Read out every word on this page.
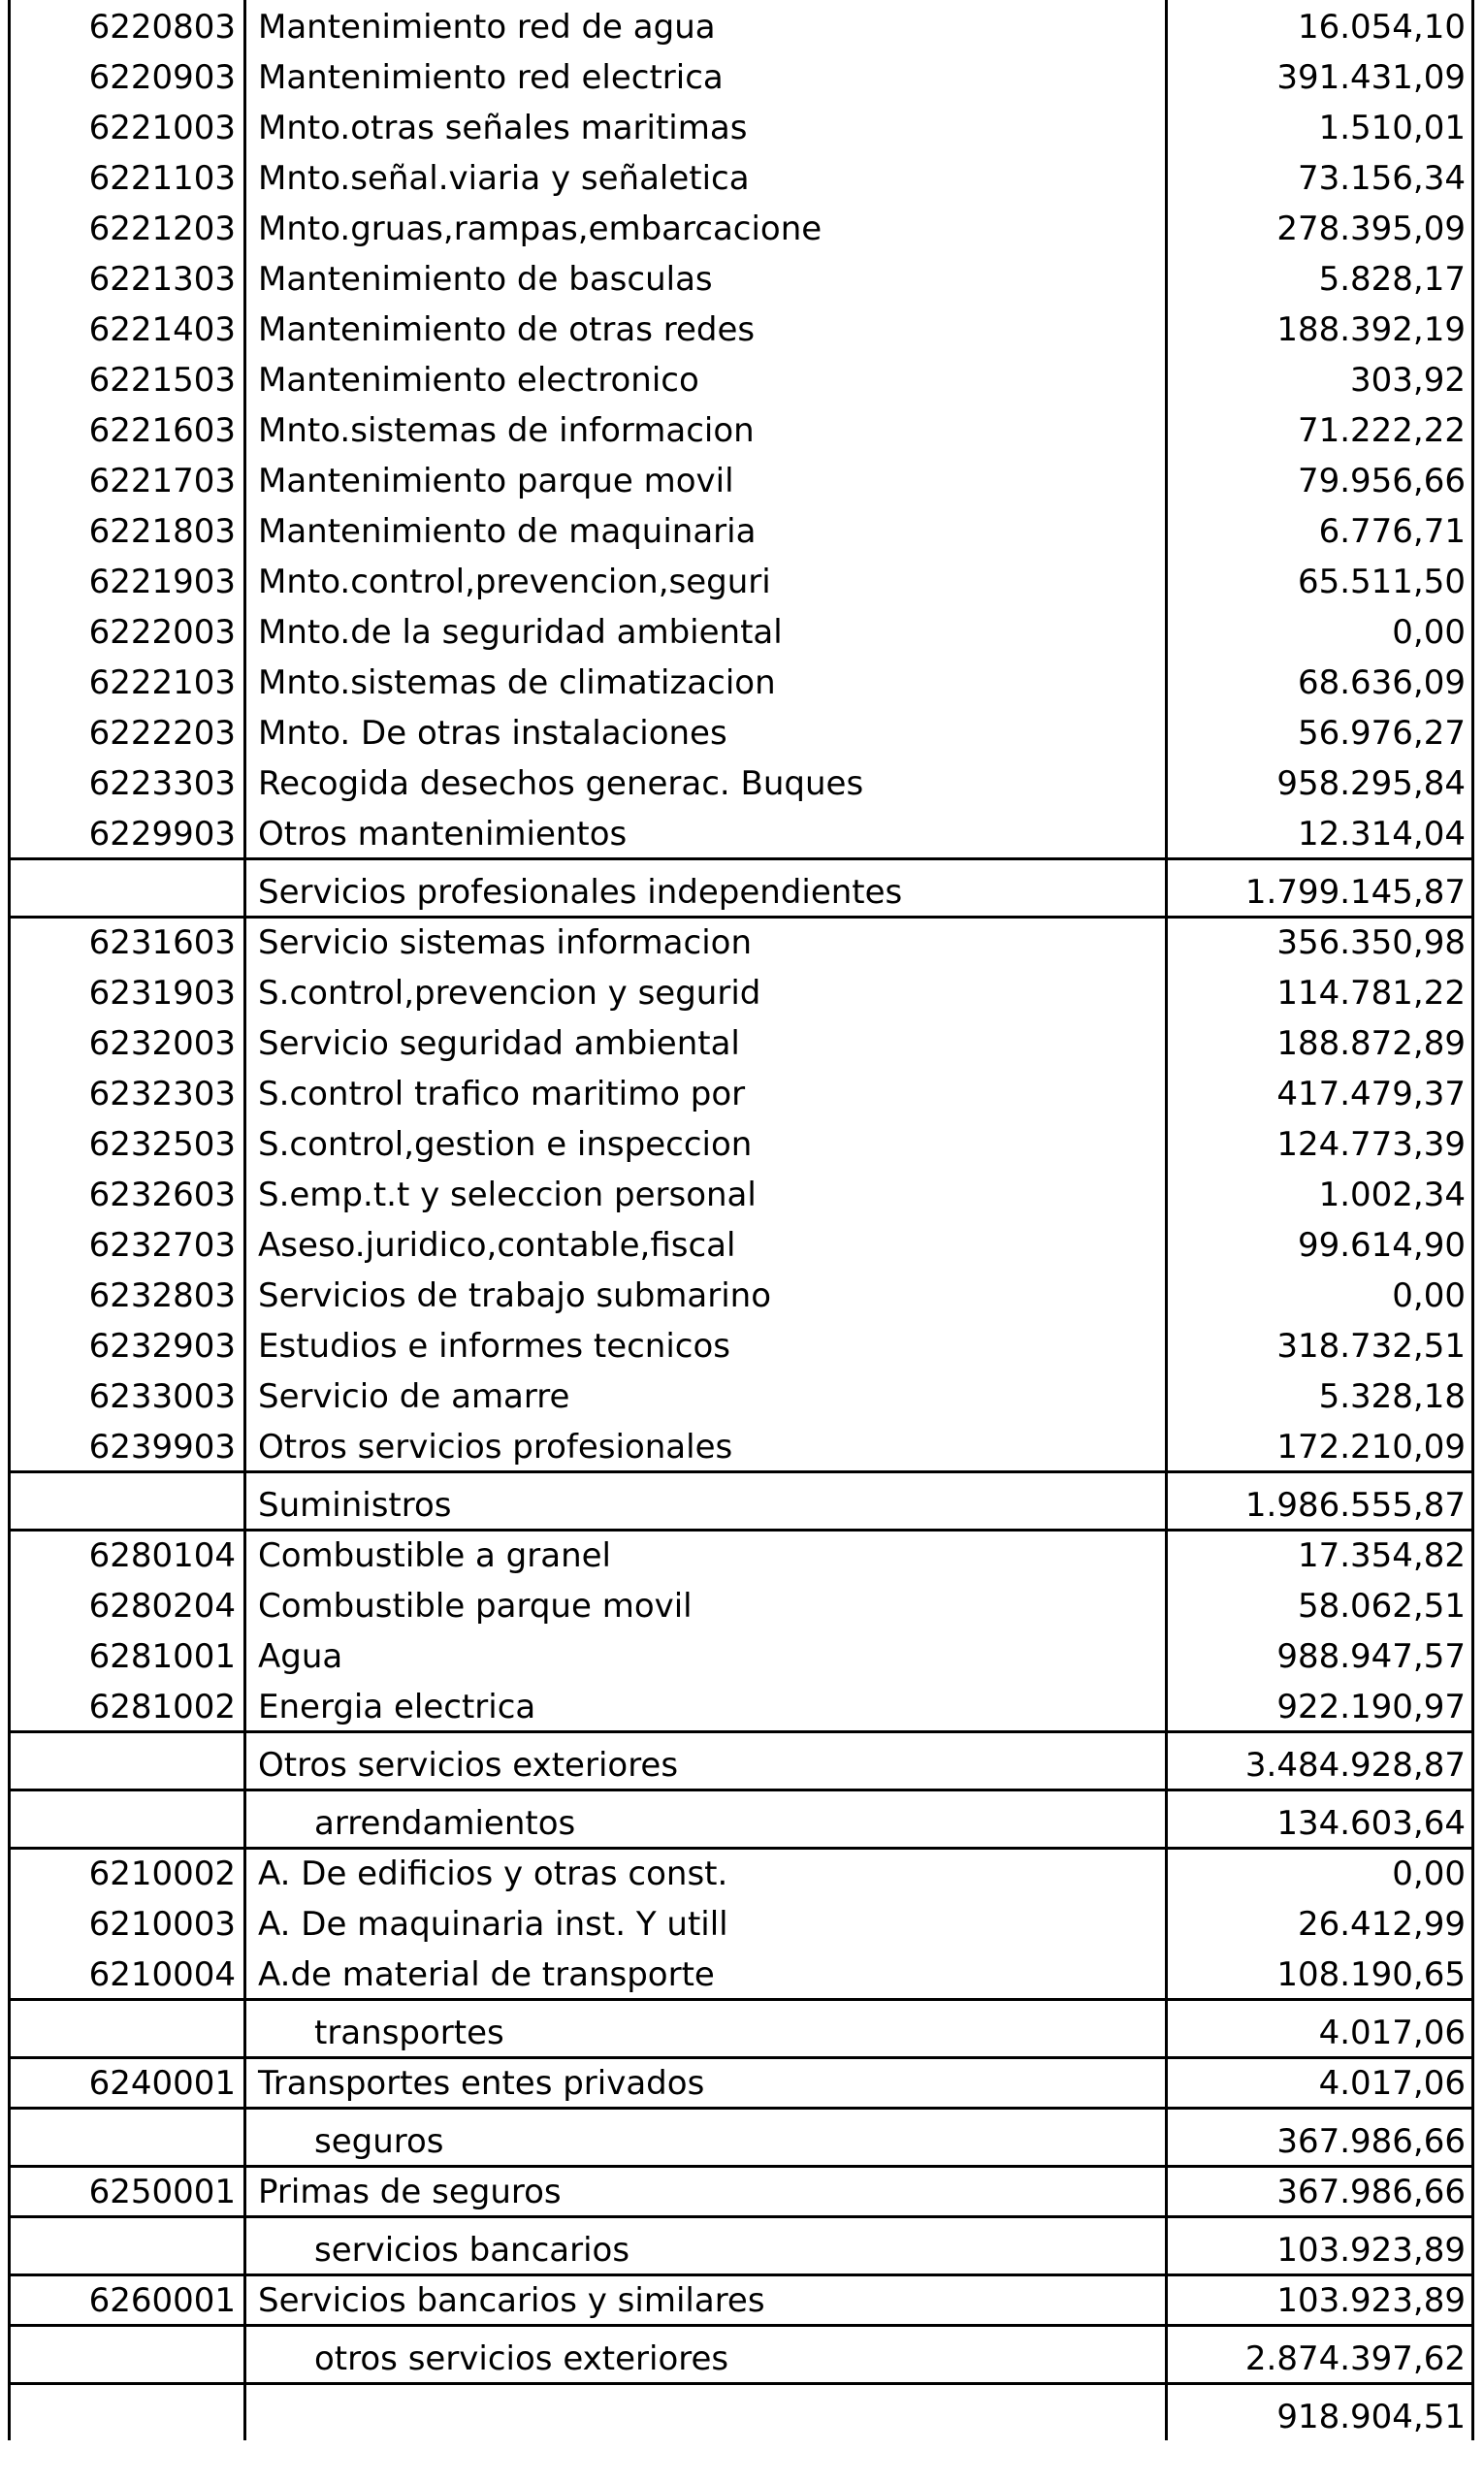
6220803 Mantenimiento red de agua	16.054,10
6220903 Mantenimiento red electrica	391.431,09
6221003 Mnto.otras señales maritimas	1.510,01
6221103 Mnto.señal.viaria y señaletica	73.156,34
6221203 Mnto.gruas,rampas,embarcacione	278.395,09
6221303 Mantenimiento de basculas	5.828,17
6221403 Mantenimiento de otras redes	188.392,19
6221503 Mantenimiento electronico	303,92
6221603 Mnto.sistemas de informacion	71.222,22
6221703 Mantenimiento parque movil	79.956,66
6221803 Mantenimiento de maquinaria	6.776,71
6221903 Mnto.control,prevencion,seguri	65.511,50
6222003 Mnto.de la seguridad ambiental	0,00
6222103 Mnto.sistemas de climatizacion	68.636,09
6222203 Mnto. De otras instalaciones	56.976,27
6223303 Recogida desechos generac. Buques	958.295,84
6229903 Otros mantenimientos	12.314,04
Servicios profesionales independientes	1.799.145,87
6231603 Servicio sistemas informacion	356.350,98
6231903 S.control,prevencion y segurid	114.781,22
6232003 Servicio seguridad ambiental	188.872,89
6232303 S.control trafico maritimo por	417.479,37
6232503 S.control,gestion e inspeccion	124.773,39
6232603 S.emp.t.t y seleccion personal	1.002,34
6232703 Aseso.juridico,contable,fiscal	99.614,90
6232803 Servicios de trabajo submarino	0,00
6232903 Estudios e informes tecnicos	318.732,51
6233003 Servicio de amarre	5.328,18
6239903 Otros servicios profesionales	172.210,09
Suministros	1.986.555,87
6280104 Combustible a granel	17.354,82
6280204 Combustible parque movil	58.062,51
6281001 Agua	988.947,57
6281002 Energia electrica	922.190,97
Otros servicios exteriores	3.484.928,87
arrendamientos	134.603,64
6210002 A. De edificios y otras const.	0,00
6210003 A. De maquinaria inst. Y utill	26.412,99
6210004 A.de material de transporte	108.190,65
transportes	4.017,06
6240001 Transportes entes privados	4.017,06
seguros	367.986,66
6250001 Primas de seguros	367.986,66
servicios bancarios	103.923,89
6260001 Servicios bancarios y similares	103.923,89
otros servicios exteriores	2.874.397,62
918.904,51
